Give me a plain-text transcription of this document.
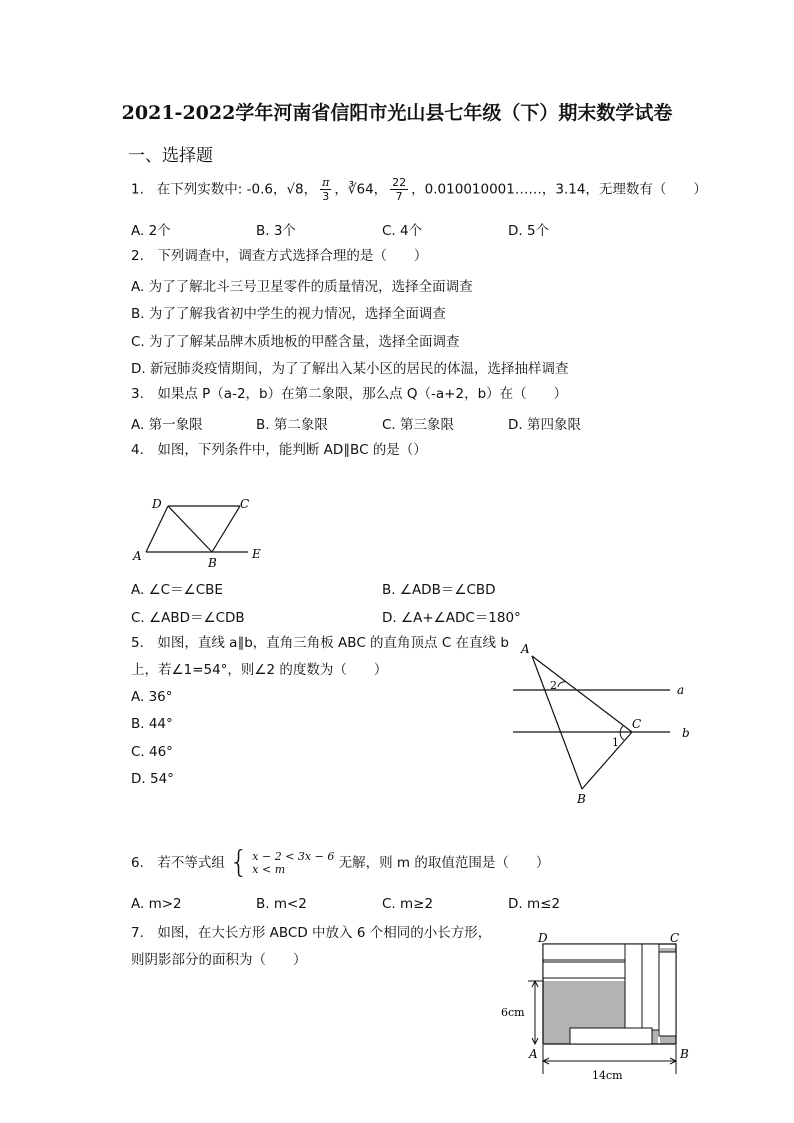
2021-2022学年河南省信阳市光山县七年级（下）期末数学试卷
一、选择题
1. 在下列实数中: -0.6，√8， $\frac{\pi}{3}$ ，∛64， $\frac{22}{7}$ ，0.010010001……，3.14，无理数有（　　）
A. 2个	B. 3个	C. 4个	D. 5个
2.　下列调查中，调查方式选择合理的是（　　）
A. 为了了解北斗三号卫星零件的质量情况，选择全面调查
B. 为了了解我省初中学生的视力情况，选择全面调查
C. 为了了解某品牌木质地板的甲醛含量，选择全面调查
D. 新冠肺炎疫情期间，为了了解出入某小区的居民的体温，选择抽样调查
3.　如果点 P（a-2，b）在第二象限，那么点 Q（-a+2，b）在（　　）
A. 第一象限	B. 第二象限	C. 第三象限	D. 第四象限
4.　如图，下列条件中，能判断 AD∥BC 的是（）
D	C
A	B
E
A. ∠C＝∠CBE	B. ∠ADB＝∠CBD
C. ∠ABD＝∠CDB	D. ∠A+∠ADC＝180°
5.　如图，直线 a∥b，直角三角板 ABC 的直角顶点 C 在直线 b
上，若∠1=54°，则∠2 的度数为（　　）
A. 36°
B. 44°
C. 46°
D. 54°
A
2	a
C
b
1
B
6.　若不等式组 { x − 2 < 3x − 6
x < m	无解，则 m 的取值范围是（　　）
A. m>2	B. m<2	C. m≥2	D. m≤2
7.　如图，在大长方形 ABCD 中放入 6 个相同的小长方形，
则阴影部分的面积为（　　）
D	C
A	B
6cm
14cm
